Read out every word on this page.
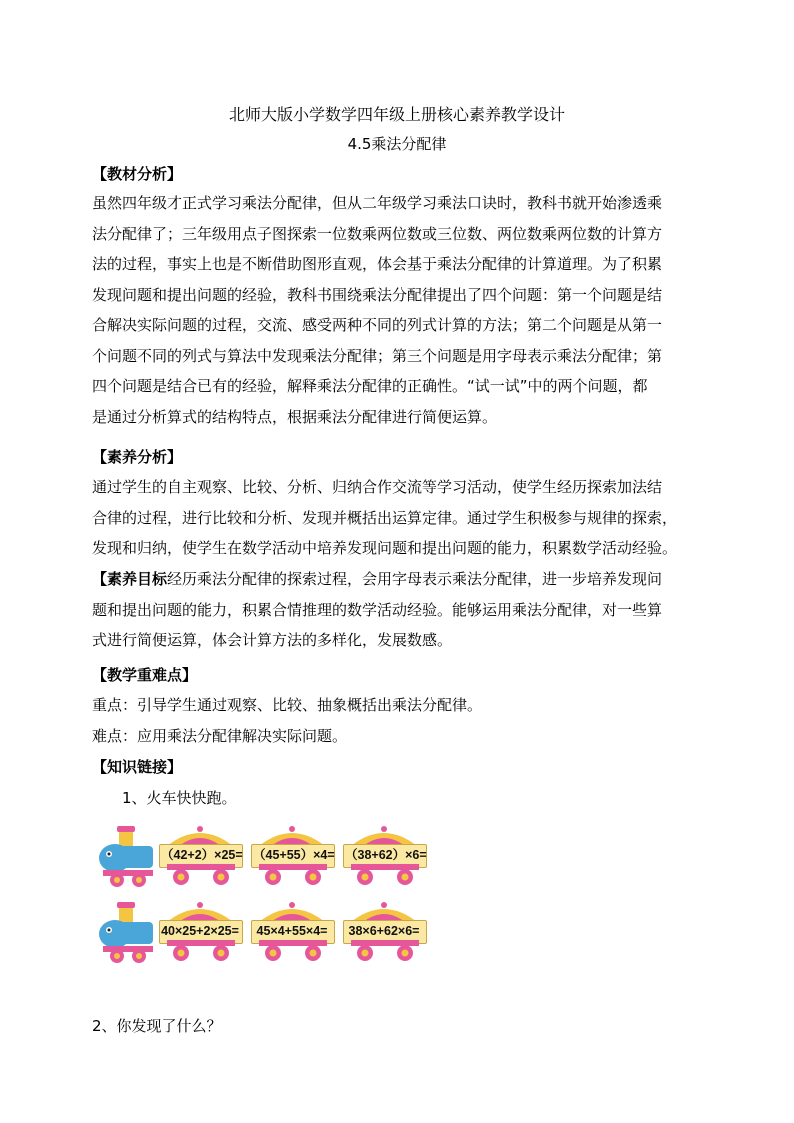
北师大版小学数学四年级上册核心素养教学设计
4.5乘法分配律
【教材分析】
虽然四年级才正式学习乘法分配律，但从二年级学习乘法口诀时，教科书就开始渗透乘
法分配律了；三年级用点子图探索一位数乘两位数或三位数、两位数乘两位数的计算方
法的过程，事实上也是不断借助图形直观，体会基于乘法分配律的计算道理。为了积累
发现问题和提出问题的经验，教科书围绕乘法分配律提出了四个问题：第一个问题是结
合解决实际问题的过程，交流、感受两种不同的列式计算的方法；第二个问题是从第一
个问题不同的列式与算法中发现乘法分配律；第三个问题是用字母表示乘法分配律；第
四个问题是结合已有的经验，解释乘法分配律的正确性。“试一试”中的两个问题，都
是通过分析算式的结构特点，根据乘法分配律进行简便运算。
【素养分析】
通过学生的自主观察、比较、分析、归纳合作交流等学习活动，使学生经历探索加法结
合律的过程，进行比较和分析、发现并概括出运算定律。通过学生积极参与规律的探索，
发现和归纳，使学生在数学活动中培养发现问题和提出问题的能力，积累数学活动经验。
【素养目标经历乘法分配律的探索过程，会用字母表示乘法分配律，进一步培养发现问
题和提出问题的能力，积累合情推理的数学活动经验。能够运用乘法分配律，对一些算
式进行简便运算，体会计算方法的多样化，发展数感。
【教学重难点】
重点：引导学生通过观察、比较、抽象概括出乘法分配律。
难点：应用乘法分配律解决实际问题。
【知识链接】
1、火车快快跑。
（42+2）×25= （45+55）×4= （38+62）×6=
40×25+2×25= 45×4+55×4= 38×6+62×6=
2、你发现了什么？
